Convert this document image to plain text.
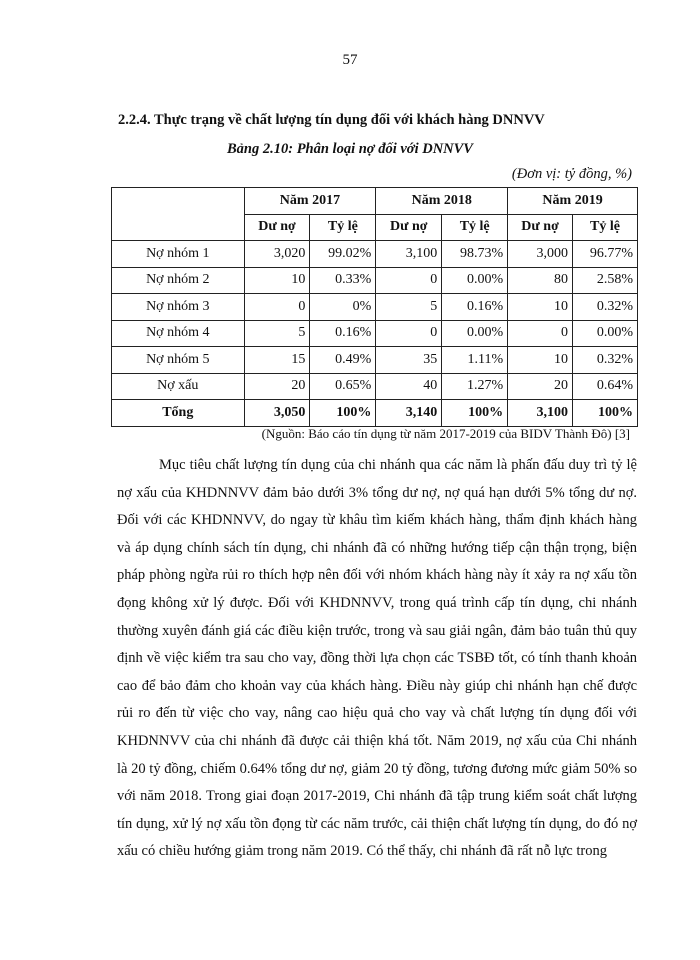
57
2.2.4. Thực trạng về chất lượng tín dụng đối với khách hàng DNNVV
Bảng 2.10: Phân loại nợ đối với DNNVV
(Đơn vị: tỷ đồng, %)
	Năm 2017		Năm 2018		Năm 2019	
	Dư nợ	Tỷ lệ	Dư nợ	Tỷ lệ	Dư nợ	Tỷ lệ
Nợ nhóm 1	3,020	99.02%	3,100	98.73%	3,000	96.77%
Nợ nhóm 2	10	0.33%	0	0.00%	80	2.58%
Nợ nhóm 3	0	0%	5	0.16%	10	0.32%
Nợ nhóm 4	5	0.16%	0	0.00%	0	0.00%
Nợ nhóm 5	15	0.49%	35	1.11%	10	0.32%
Nợ xấu	20	0.65%	40	1.27%	20	0.64%
Tổng	3,050	100%	3,140	100%	3,100	100%
(Nguồn: Báo cáo tín dụng từ năm 2017-2019 của BIDV Thành Đô) [3]

Mục tiêu chất lượng tín dụng của chi nhánh qua các năm là phấn đấu duy trì tỷ lệ nợ xấu của KHDNNVV đảm bảo dưới 3% tổng dư nợ, nợ quá hạn dưới 5% tổng dư nợ. Đối với các KHDNNVV, do ngay từ khâu tìm kiếm khách hàng, thẩm định khách hàng và áp dụng chính sách tín dụng, chi nhánh đã có những hướng tiếp cận thận trọng, biện pháp phòng ngừa rủi ro thích hợp nên đối với nhóm khách hàng này ít xảy ra nợ xấu tồn đọng không xử lý được. Đối với KHDNNVV, trong quá trình cấp tín dụng, chi nhánh thường xuyên đánh giá các điều kiện trước, trong và sau giải ngân, đảm bảo tuân thủ quy định về việc kiểm tra sau cho vay, đồng thời lựa chọn các TSBĐ tốt, có tính thanh khoản cao để bảo đảm cho khoản vay của khách hàng. Điều này giúp chi nhánh hạn chế được rủi ro đến từ việc cho vay, nâng cao hiệu quả cho vay và chất lượng tín dụng đối với KHDNNVV của chi nhánh đã được cải thiện khá tốt. Năm 2019, nợ xấu của Chi nhánh là 20 tỷ đồng, chiếm 0.64% tổng dư nợ, giảm 20 tỷ đồng, tương đương mức giảm 50% so với năm 2018. Trong giai đoạn 2017-2019, Chi nhánh đã tập trung kiểm soát chất lượng tín dụng, xử lý nợ xấu tồn đọng từ các năm trước, cải thiện chất lượng tín dụng, do đó nợ xấu có chiều hướng giảm trong năm 2019. Có thể thấy, chi nhánh đã rất nỗ lực trong
